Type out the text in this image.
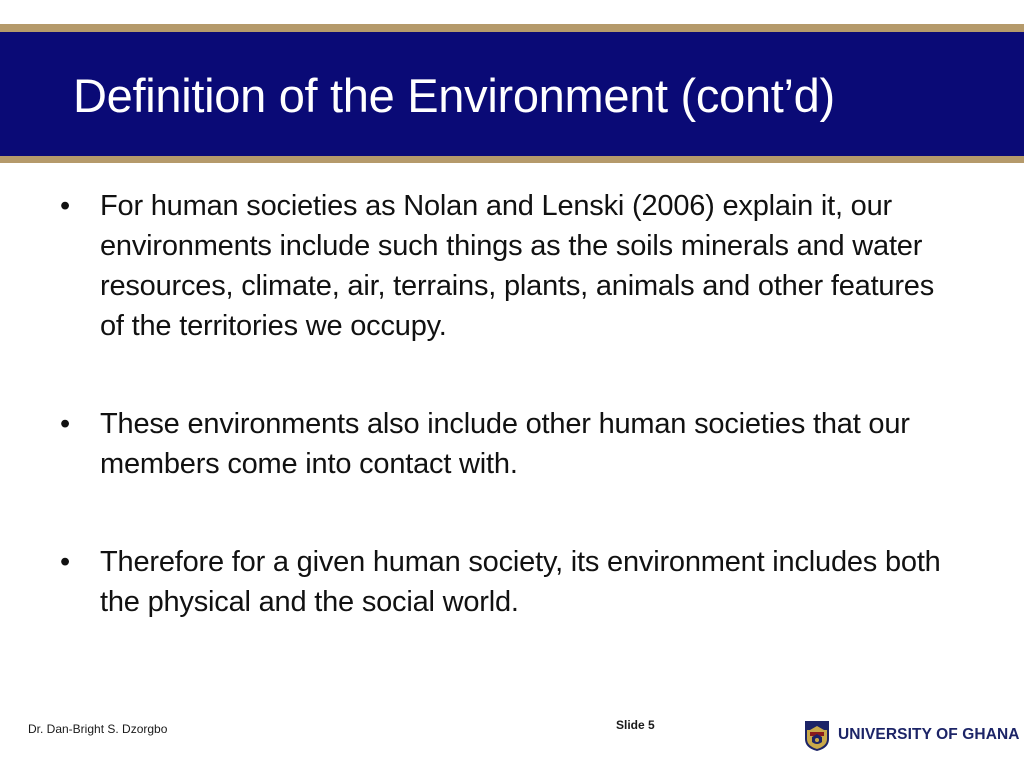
Definition of the Environment (cont’d)
• For human societies as Nolan and Lenski (2006) explain it, our environments include such things as the soils minerals and water resources, climate, air, terrains, plants, animals and other features of the territories we occupy.
• These environments also include other human societies that our members come into contact with.
• Therefore for a given human society, its environment includes both the physical and the social world.
Dr. Dan-Bright S. Dzorgbo	Slide 5
UNIVERSITY OF GHANA
